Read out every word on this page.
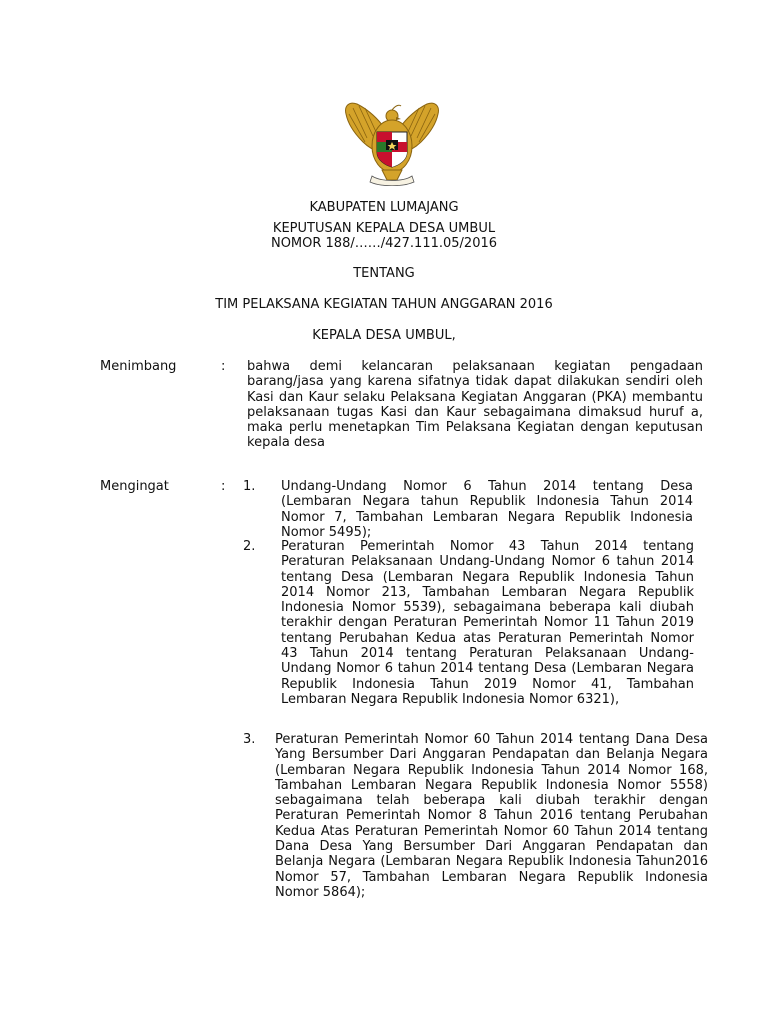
KABUPATEN LUMAJANG
KEPUTUSAN KEPALA DESA UMBUL
NOMOR 188/……/427.111.05/2016
TENTANG
TIM PELAKSANA KEGIATAN TAHUN ANGGARAN 2016
KEPALA DESA UMBUL,
Menimbang	: bahwa demi kelancaran pelaksanaan kegiatan pengadaan barang/jasa yang karena sifatnya tidak dapat dilakukan sendiri oleh Kasi dan Kaur selaku Pelaksana Kegiatan Anggaran (PKA) membantu pelaksanaan tugas Kasi dan Kaur sebagaimana dimaksud huruf a, maka perlu menetapkan Tim Pelaksana Kegiatan dengan keputusan kepala desa

Mengingat	: 1. Undang-Undang Nomor 6 Tahun 2014 tentang Desa (Lembaran Negara tahun Republik Indonesia Tahun 2014 Nomor 7, Tambahan Lembaran Negara Republik Indonesia Nomor 5495);

2. Peraturan Pemerintah Nomor 43 Tahun 2014 tentang Peraturan Pelaksanaan Undang-Undang Nomor 6 tahun 2014 tentang Desa (Lembaran Negara Republik Indonesia Tahun 2014 Nomor 213, Tambahan Lembaran Negara Republik Indonesia Nomor 5539), sebagaimana beberapa kali diubah terakhir dengan Peraturan Pemerintah Nomor 11 Tahun 2019 tentang Perubahan Kedua atas Peraturan Pemerintah Nomor 43 Tahun 2014 tentang Peraturan Pelaksanaan Undang- Undang Nomor 6 tahun 2014 tentang Desa (Lembaran Negara Republik Indonesia Tahun 2019 Nomor 41, Tambahan Lembaran Negara Republik Indonesia Nomor 6321),

3. Peraturan Pemerintah Nomor 60 Tahun 2014 tentang Dana Desa Yang Bersumber Dari Anggaran Pendapatan dan Belanja Negara (Lembaran Negara Republik Indonesia Tahun 2014 Nomor 168, Tambahan Lembaran Negara Republik Indonesia Nomor 5558) sebagaimana telah beberapa kali diubah terakhir dengan Peraturan Pemerintah Nomor 8 Tahun 2016 tentang Perubahan Kedua Atas Peraturan Pemerintah Nomor 60 Tahun 2014 tentang Dana Desa Yang Bersumber Dari Anggaran Pendapatan dan Belanja Negara (Lembaran Negara Republik Indonesia Tahun2016 Nomor 57, Tambahan Lembaran Negara Republik Indonesia Nomor 5864);
